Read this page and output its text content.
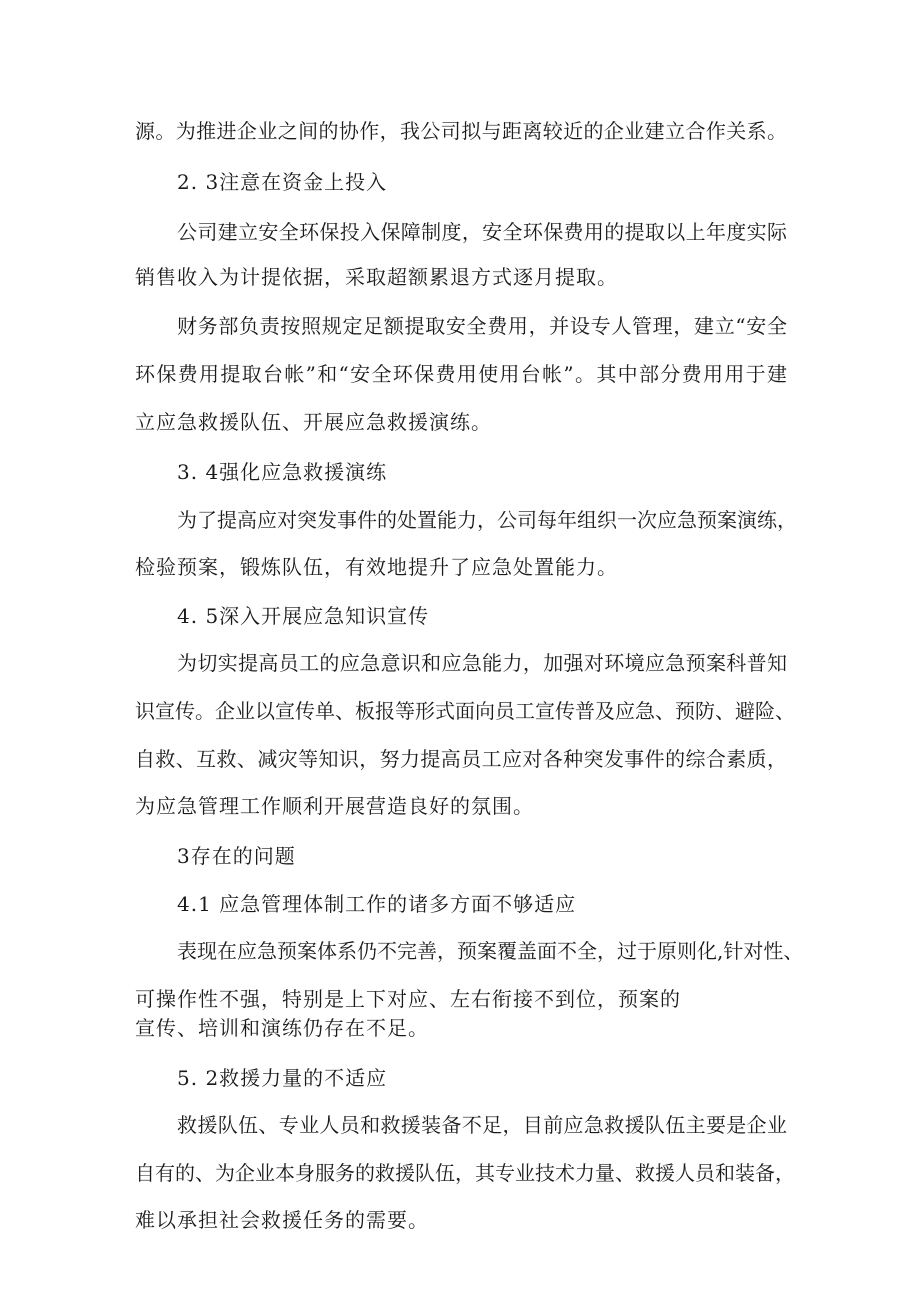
源。为推进企业之间的协作，我公司拟与距离较近的企业建立合作关系。
2. 3注意在资金上投入
公司建立安全环保投入保障制度，安全环保费用的提取以上年度实际
销售收入为计提依据，采取超额累退方式逐月提取。
财务部负责按照规定足额提取安全费用，并设专人管理，建立“安全
环保费用提取台帐”和“安全环保费用使用台帐”。其中部分费用用于建
立应急救援队伍、开展应急救援演练。
3. 4强化应急救援演练
为了提高应对突发事件的处置能力，公司每年组织一次应急预案演练，
检验预案，锻炼队伍，有效地提升了应急处置能力。
4. 5深入开展应急知识宣传
为切实提高员工的应急意识和应急能力，加强对环境应急预案科普知
识宣传。企业以宣传单、板报等形式面向员工宣传普及应急、预防、避险、
自救、互救、减灾等知识，努力提高员工应对各种突发事件的综合素质，
为应急管理工作顺利开展营造良好的氛围。
3存在的问题
4.1 应急管理体制工作的诸多方面不够适应
表现在应急预案体系仍不完善，预案覆盖面不全，过于原则化,针对性、
可操作性不强，特别是上下对应、左右衔接不到位，预案的
宣传、培训和演练仍存在不足。
5. 2救援力量的不适应
救援队伍、专业人员和救援装备不足，目前应急救援队伍主要是企业
自有的、为企业本身服务的救援队伍，其专业技术力量、救援人员和装备，
难以承担社会救援任务的需要。
